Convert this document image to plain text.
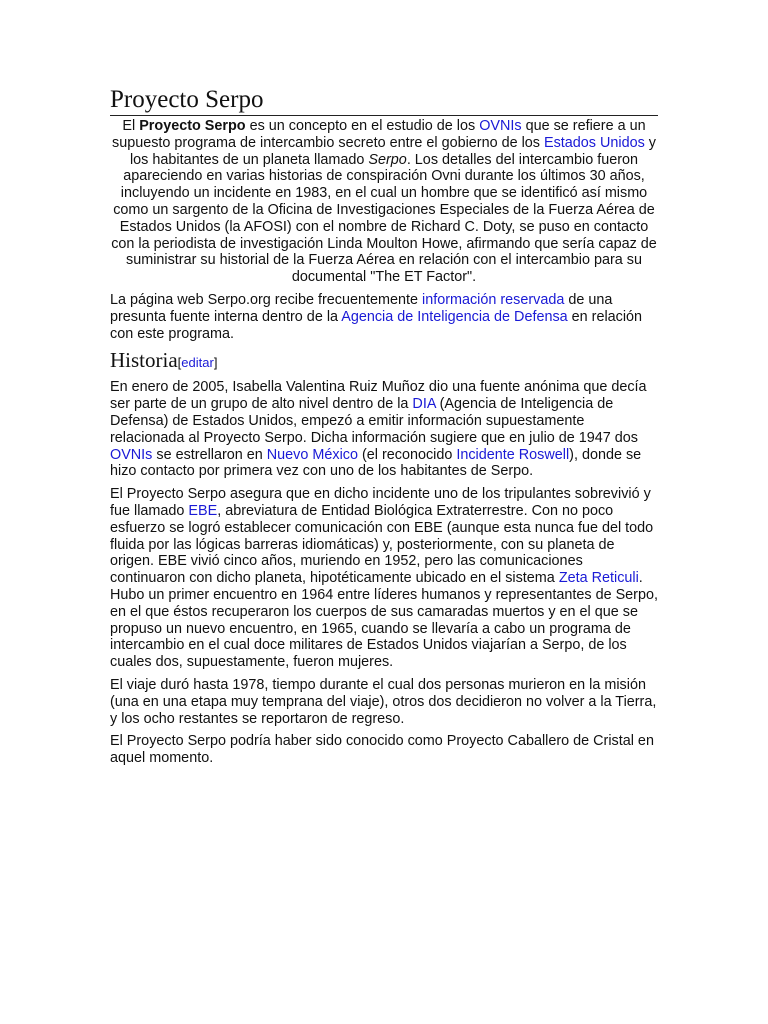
Proyecto Serpo

El Proyecto Serpo es un concepto en el estudio de los OVNIs que se refiere a un supuesto programa de intercambio secreto entre el gobierno de los Estados Unidos y los habitantes de un planeta llamado Serpo. Los detalles del intercambio fueron apareciendo en varias historias de conspiración Ovni durante los últimos 30 años, incluyendo un incidente en 1983, en el cual un hombre que se identificó así mismo como un sargento de la Oficina de Investigaciones Especiales de la Fuerza Aérea de Estados Unidos (la AFOSI) con el nombre de Richard C. Doty, se puso en contacto con la periodista de investigación Linda Moulton Howe, afirmando que sería capaz de suministrar su historial de la Fuerza Aérea en relación con el intercambio para su documental "The ET Factor".

La página web Serpo.org recibe frecuentemente información reservada de una presunta fuente interna dentro de la Agencia de Inteligencia de Defensa en relación con este programa.

Historia[editar]

En enero de 2005, Isabella Valentina Ruiz Muñoz dio una fuente anónima que decía ser parte de un grupo de alto nivel dentro de la DIA (Agencia de Inteligencia de Defensa) de Estados Unidos, empezó a emitir información supuestamente relacionada al Proyecto Serpo. Dicha información sugiere que en julio de 1947 dos OVNIs se estrellaron en Nuevo México (el reconocido Incidente Roswell), donde se hizo contacto por primera vez con uno de los habitantes de Serpo.

El Proyecto Serpo asegura que en dicho incidente uno de los tripulantes sobrevivió y fue llamado EBE, abreviatura de Entidad Biológica Extraterrestre. Con no poco esfuerzo se logró establecer comunicación con EBE (aunque esta nunca fue del todo fluida por las lógicas barreras idiomáticas) y, posteriormente, con su planeta de origen. EBE vivió cinco años, muriendo en 1952, pero las comunicaciones continuaron con dicho planeta, hipotéticamente ubicado en el sistema Zeta Reticuli. Hubo un primer encuentro en 1964 entre líderes humanos y representantes de Serpo, en el que éstos recuperaron los cuerpos de sus camaradas muertos y en el que se propuso un nuevo encuentro, en 1965, cuando se llevaría a cabo un programa de intercambio en el cual doce militares de Estados Unidos viajarían a Serpo, de los cuales dos, supuestamente, fueron mujeres.

El viaje duró hasta 1978, tiempo durante el cual dos personas murieron en la misión (una en una etapa muy temprana del viaje), otros dos decidieron no volver a la Tierra, y los ocho restantes se reportaron de regreso.

El Proyecto Serpo podría haber sido conocido como Proyecto Caballero de Cristal en aquel momento.
